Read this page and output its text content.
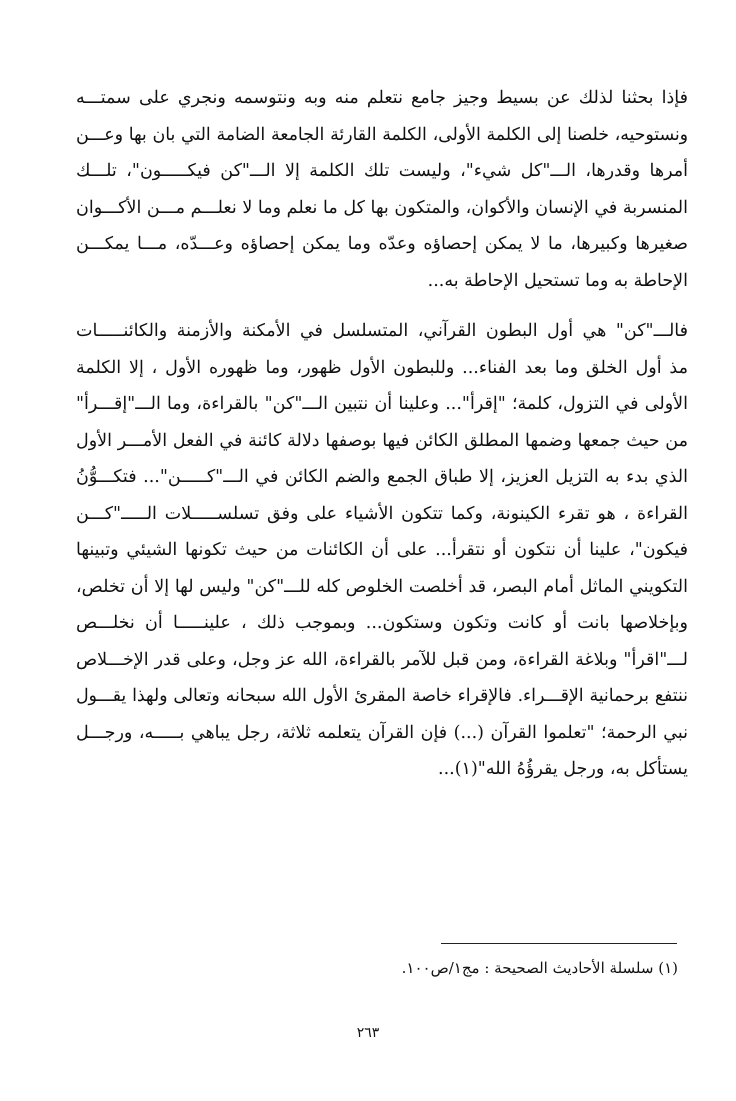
فإذا بحثنا لذلك عن بسيط وجيز جامع نتعلم منه وبه ونتوسمه ونجري على سمتـــه
ونستوحيه، خلصنا إلى الكلمة الأولى، الكلمة القارئة الجامعة الضامة التي بان بها وعـــن
أمرها وقدرها، الـــ"كل شيء"، وليست تلك الكلمة إلا الـــ"كن فيكـــــون"، تلـــك
المنسربة في الإنسان والأكوان، والمتكون بها كل ما نعلم وما لا نعلـــم مـــن الأكـــوان
صغيرها وكبيرها، ما لا يمكن إحصاؤه وعدّه وما يمكن إحصاؤه وعـــدّه، مـــا يمكـــن
الإحاطة به وما تستحيل الإحاطة به...
فالـــ"كن" هي أول البطون القرآني، المتسلسل في الأمكنة والأزمنة والكائنـــــات
مذ أول الخلق وما بعد الفناء... وللبطون الأول ظهور، وما ظهوره الأول ، إلا الكلمة
الأولى في التزول، كلمة؛ "إقرأ"... وعلينا أن نتبين الـــ"كن" بالقراءة، وما الـــ"إقـــرأ"
من حيث جمعها وضمها المطلق الكائن فيها بوصفها دلالة كائنة في الفعل الأمـــر الأول
الذي بدء به التزيل العزيز، إلا طباق الجمع والضم الكائن في الـــ"كـــــن"... فتكـــوُّنُ
القراءة ، هو تقرء الكينونة، وكما تتكون الأشياء على وفق تسلســـــلات الـــــ"كـــن
فيكون"، علينا أن نتكون أو نتقرأ... على أن الكائنات من حيث تكونها الشيئي وتبينها
التكويني الماثل أمام البصر، قد أخلصت الخلوص كله للـــ"كن" وليس لها إلا أن تخلص،
وبإخلاصها بانت أو كانت وتكون وستكون... وبموجب ذلك ، علينـــــا أن نخلـــص
لـــ"اقرأ" وبلاغة القراءة، ومن قبل للآمر بالقراءة، الله عز وجل، وعلى قدر الإخـــلاص
ننتفع برحمانية الإقـــراء. فالإقراء خاصة المقرئ الأول الله سبحانه وتعالى ولهذا يقـــول
نبي الرحمة؛ "تعلموا القرآن (...) فإن القرآن يتعلمه ثلاثة، رجل يباهي بـــــه، ورجـــل
يستأكل به، ورجل يقرؤُهُ الله"(١)...
(١) سلسلة الأحاديث الصحيحة : مج١/ص١٠٠.
٢٦٣
